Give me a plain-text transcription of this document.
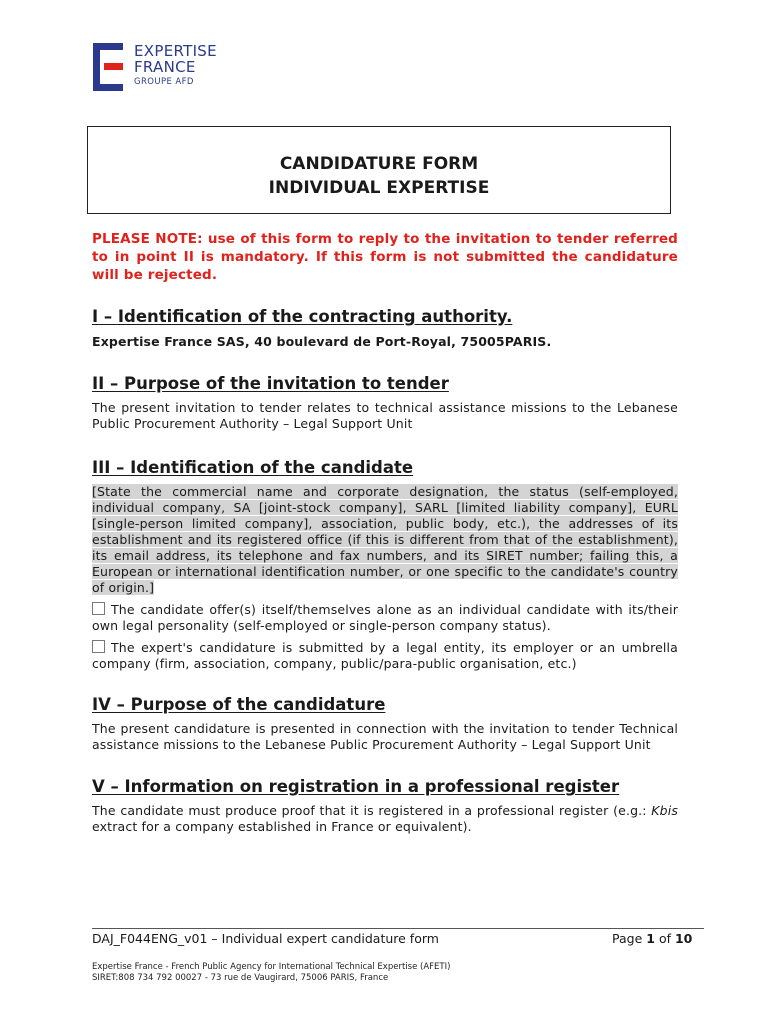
EXPERTISE
FRANCE
GROUPE AFD
CANDIDATURE FORM
INDIVIDUAL EXPERTISE

PLEASE NOTE: use of this form to reply to the invitation to tender referred to in point II is mandatory. If this form is not submitted the candidature will be rejected.

I – Identification of the contracting authority.

Expertise France SAS, 40 boulevard de Port-Royal, 75005PARIS.

II – Purpose of the invitation to tender

The present invitation to tender relates to technical assistance missions to the Lebanese Public Procurement Authority – Legal Support Unit

III – Identification of the candidate

[State the commercial name and corporate designation, the status (self-employed, individual company, SA [joint-stock company], SARL [limited liability company], EURL [single-person limited company], association, public body, etc.), the addresses of its establishment and its registered office (if this is different from that of the establishment), its email address, its telephone and fax numbers, and its SIRET number; failing this, a European or international identification number, or one specific to the candidate's country of origin.]

The candidate offer(s) itself/themselves alone as an individual candidate with its/their own legal personality (self-employed or single-person company status).

The expert's candidature is submitted by a legal entity, its employer or an umbrella company (firm, association, company, public/para-public organisation, etc.)

IV – Purpose of the candidature

The present candidature is presented in connection with the invitation to tender Technical assistance missions to the Lebanese Public Procurement Authority – Legal Support Unit

V – Information on registration in a professional register

The candidate must produce proof that it is registered in a professional register (e.g.: Kbis extract for a company established in France or equivalent).

DAJ_F044ENG_v01 – Individual expert candidature form	Page 1 of 10
Expertise France - French Public Agency for International Technical Expertise (AFETI)
SIRET:808 734 792 00027 - 73 rue de Vaugirard, 75006 PARIS, France
